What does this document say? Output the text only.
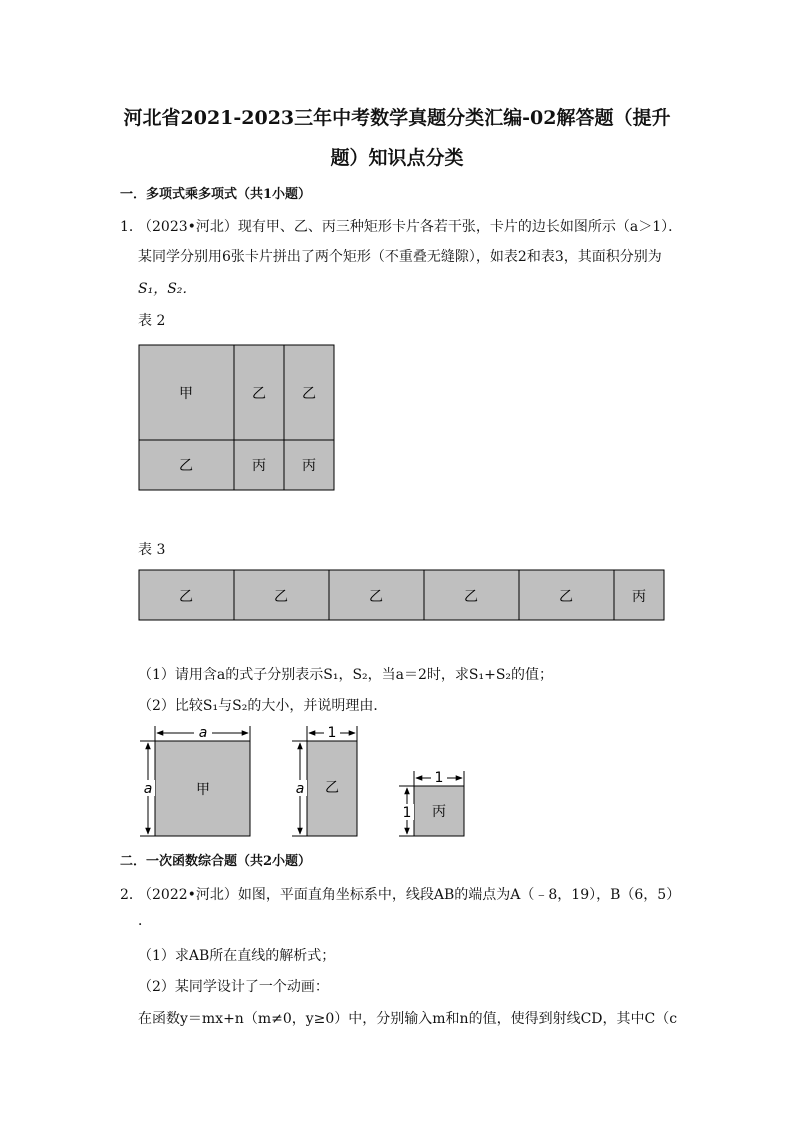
河北省2021-2023三年中考数学真题分类汇编-02解答题（提升
题）知识点分类
一．多项式乘多项式（共1小题）
1．
（2023•河北）现有甲、乙、丙三种矩形卡片各若干张，卡片的边长如图所示（a＞1）．
某同学分别用6张卡片拼出了两个矩形（不重叠无缝隙），如表2和表3，其面积分别为
S₁，S₂．
表 2
甲	乙	乙
乙	丙	丙
表 3
乙	乙	乙	乙	乙	丙
（1）请用含a的式子分别表示S₁，S₂，当a＝2时，求S₁+S₂的值；
（2）比较S₁与S₂的大小，并说明理由．
a
a	甲
1
a 乙
1
1 丙
二．一次函数综合题（共2小题）
2．
（2022•河北）如图，平面直角坐标系中，线段AB的端点为A（﹣8，19），B（6，5）
．
（1）求AB所在直线的解析式；
（2）某同学设计了一个动画：
在函数y＝mx+n（m≠0，y≥0）中，分别输入m和n的值，使得到射线CD，其中C（c
